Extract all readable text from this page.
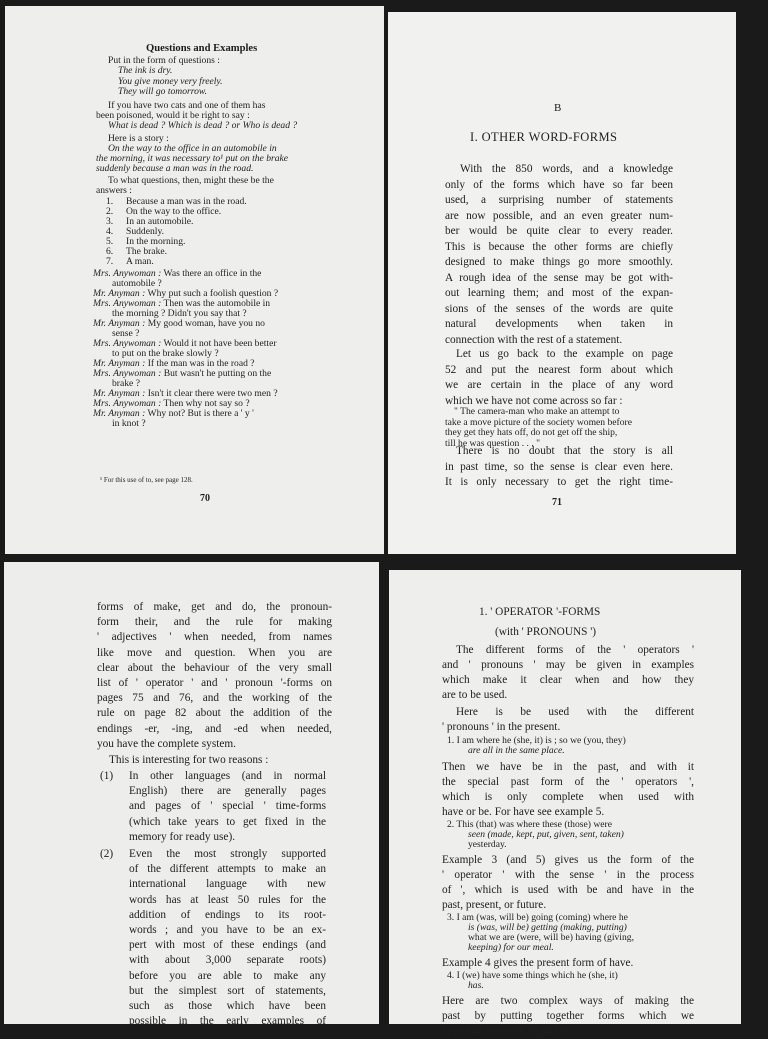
Questions and Examples
Put in the form of questions :
The ink is dry.
You give money very freely.
They will go tomorrow.
If you have two cats and one of them has
been poisoned, would it be right to say :
What is dead ? Which is dead ? or Who is dead ?
Here is a story :
On the way to the office in an automobile in
the morning, it was necessary to¹ put on the brake
suddenly because a man was in the road.
To what questions, then, might these be the
answers :
1. Because a man was in the road.
2. On the way to the office.
3. In an automobile.
4. Suddenly.
5. In the morning.
6. The brake.
7. A man.
Mrs. Anywoman : Was there an office in the
automobile ?
Mr. Anyman : Why put such a foolish question ?
Mrs. Anywoman : Then was the automobile in
the morning ? Didn't you say that ?
Mr. Anyman : My good woman, have you no
sense ?
Mrs. Anywoman : Would it not have been better
to put on the brake slowly ?
Mr. Anyman : If the man was in the road ?
Mrs. Anywoman : But wasn't he putting on the
brake ?
Mr. Anyman : Isn't it clear there were two men ?
Mrs. Anywoman : Then why not say so ?
Mr. Anyman : Why not? But is there a ' y '
in knot ?
¹ For this use of to, see page 128.
70
B
I. OTHER WORD-FORMS
With the 850 words, and a knowledge
only of the forms which have so far been
used, a surprising number of statements
are now possible, and an even greater num-
ber would be quite clear to every reader.
This is because the other forms are chiefly
designed to make things go more smoothly.
A rough idea of the sense may be got with-
out learning them; and most of the expan-
sions of the senses of the words are quite
natural developments when taken in
connection with the rest of a statement.
Let us go back to the example on page
52 and put the nearest form about which
we are certain in the place of any word
which we have not come across so far :
" The camera-man who make an attempt to
take a move picture of the society women before
they get they hats off, do not get off the ship,
till he was question . . . "
There is no doubt that the story is all
in past time, so the sense is clear even here.
It is only necessary to get the right time-
71
forms of make, get and do, the pronoun-
form their, and the rule for making
' adjectives ' when needed, from names
like move and question. When you are
clear about the behaviour of the very small
list of ' operator ' and ' pronoun '-forms on
pages 75 and 76, and the working of the
rule on page 82 about the addition of the
endings -er, -ing, and -ed when needed,
you have the complete system.
This is interesting for two reasons :
(1) In other languages (and in normal
English) there are generally pages
and pages of ' special ' time-forms
(which take years to get fixed in the
memory for ready use).
(2) Even the most strongly supported
of the different attempts to make an
international language with new
words has at least 50 rules for the
addition of endings to its root-
words ; and you have to be an ex-
pert with most of these endings (and
with about 3,000 separate roots)
before you are able to make any
but the simplest sort of statements,
such as those which have been
possible in the early examples of
1. ' OPERATOR '-FORMS
(with ' PRONOUNS ')
The different forms of the ' operators '
and ' pronouns ' may be given in examples
which make it clear when and how they
are to be used.
Here is be used with the different
' pronouns ' in the present.
1. I am where he (she, it) is ; so we (you, they)
are all in the same place.
Then we have be in the past, and with it
the special past form of the ' operators ',
which is only complete when used with
have or be. For have see example 5.
2. This (that) was where these (those) were
seen (made, kept, put, given, sent, taken)
yesterday.
Example 3 (and 5) gives us the form of the
' operator ' with the sense ' in the process
of ', which is used with be and have in the
past, present, or future.
3. I am (was, will be) going (coming) where he
is (was, will be) getting (making, putting)
what we are (were, will be) having (giving,
keeping) for our meal.
Example 4 gives the present form of have.
4. I (we) have some things which he (she, it)
has.
Here are two complex ways of making the
past by putting together forms which we
have had in earlier examples.
